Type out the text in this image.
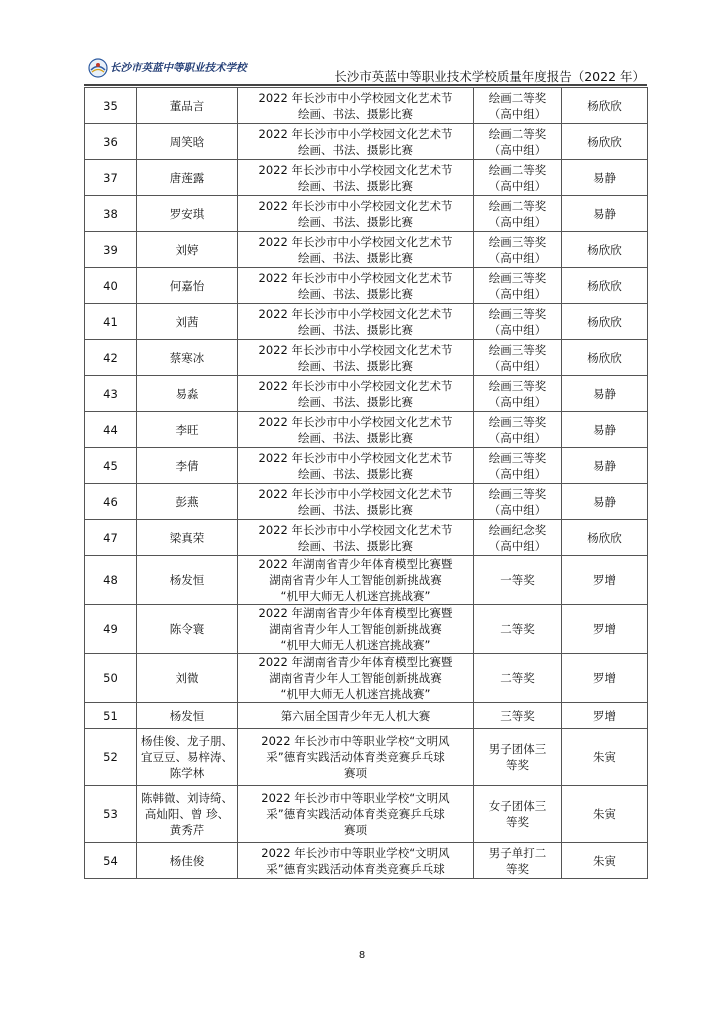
长沙市英蓝中等职业技术学校
长沙市英蓝中等职业技术学校质量年度报告（2022 年）
35	董品言	2022 年长沙市中小学校园文化艺术节
绘画、书法、摄影比赛	绘画二等奖
（高中组）	杨欣欣
36	周笑晗	2022 年长沙市中小学校园文化艺术节
绘画、书法、摄影比赛	绘画二等奖
（高中组）	杨欣欣
37	唐莲露	2022 年长沙市中小学校园文化艺术节
绘画、书法、摄影比赛	绘画二等奖
（高中组）	易静
38	罗安琪	2022 年长沙市中小学校园文化艺术节
绘画、书法、摄影比赛	绘画二等奖
（高中组）	易静
39	刘婷	2022 年长沙市中小学校园文化艺术节
绘画、书法、摄影比赛	绘画三等奖
（高中组）	杨欣欣
40	何嘉怡	2022 年长沙市中小学校园文化艺术节
绘画、书法、摄影比赛	绘画三等奖
（高中组）	杨欣欣
41	刘茜	2022 年长沙市中小学校园文化艺术节
绘画、书法、摄影比赛	绘画三等奖
（高中组）	杨欣欣
42	蔡寒冰	2022 年长沙市中小学校园文化艺术节
绘画、书法、摄影比赛	绘画三等奖
（高中组）	杨欣欣
43	易淼	2022 年长沙市中小学校园文化艺术节
绘画、书法、摄影比赛	绘画三等奖
（高中组）	易静
44	李旺	2022 年长沙市中小学校园文化艺术节
绘画、书法、摄影比赛	绘画三等奖
（高中组）	易静
45	李倩	2022 年长沙市中小学校园文化艺术节
绘画、书法、摄影比赛	绘画三等奖
（高中组）	易静
46	彭燕	2022 年长沙市中小学校园文化艺术节
绘画、书法、摄影比赛	绘画三等奖
（高中组）	易静
47	梁真荣	2022 年长沙市中小学校园文化艺术节
绘画、书法、摄影比赛	绘画纪念奖
（高中组）	杨欣欣
48	杨发恒	2022 年湖南省青少年体育模型比赛暨
湖南省青少年人工智能创新挑战赛
“机甲大师无人机迷宫挑战赛”	一等奖	罗增
49	陈令寰	2022 年湖南省青少年体育模型比赛暨
湖南省青少年人工智能创新挑战赛
“机甲大师无人机迷宫挑战赛”	二等奖	罗增
50	刘微	2022 年湖南省青少年体育模型比赛暨
湖南省青少年人工智能创新挑战赛
“机甲大师无人机迷宫挑战赛”	二等奖	罗增
51	杨发恒	第六届全国青少年无人机大赛	三等奖	罗增
52	杨佳俊、龙子朋、
宜豆豆、易梓涛、
陈学林	2022 年长沙市中等职业学校“文明风
采”德育实践活动体育类竞赛乒乓球
赛项	男子团体三
等奖	朱寅
53	陈韩微、刘诗绮、
高灿阳、曾 珍、
黄秀芹	2022 年长沙市中等职业学校“文明风
采”德育实践活动体育类竞赛乒乓球
赛项	女子团体三
等奖	朱寅
54	杨佳俊	2022 年长沙市中等职业学校“文明风
采”德育实践活动体育类竞赛乒乓球	男子单打二
等奖	朱寅
8
